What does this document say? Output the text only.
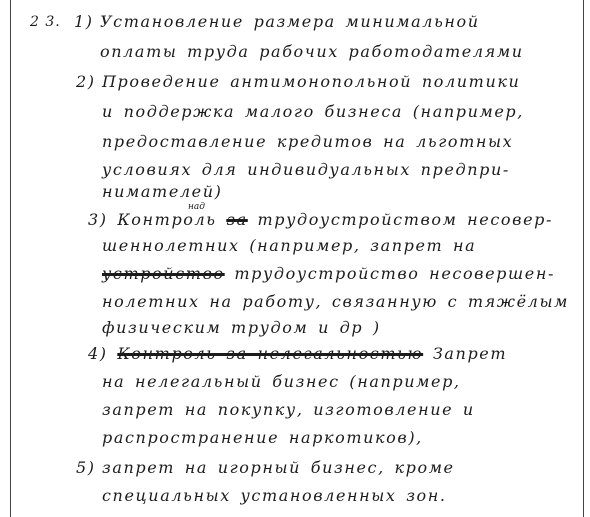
2 3. 1) Установление размера минимальной
оплаты труда рабочих работодателями
2) Проведение антимонопольной политики
и поддержка малого бизнеса (например,
предоставление кредитов на льготных
условиях для индивидуальных предпри-
нимателей)
над
3) Контроль за трудоустройством несовер-
шеннолетних (например, запрет на
устройство трудоустройство несовершен-
нолетних на работу, связанную с тяжёлым
физическим трудом и др )
4) Контроль за нелегальностью Запрет
на нелегальный бизнес (например,
запрет на покупку, изготовление и
распространение наркотиков),
5) запрет на игорный бизнес, кроме
специальных установленных зон.
